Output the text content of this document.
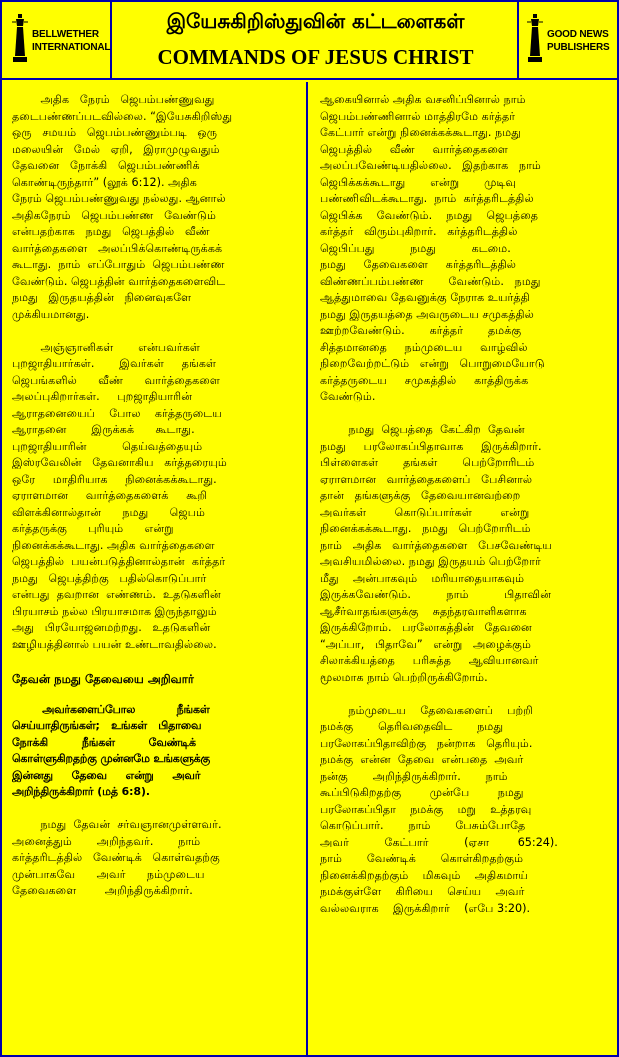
BELLWETHER
INTERNATIONAL
இயேசுகிறிஸ்துவின் கட்டளைகள்
COMMANDS OF JESUS CHRIST
GOOD NEWS
PUBLISHERS
அதிக   நேரம்   ஜெபம்பண்ணுவது
தடைபண்ணப்படவில்லை. “இயேசுகிறிஸ்து
ஒரு   சமயம்   ஜெபம்பண்ணும்படி   ஒரு
மலையின்   மேல்   ஏறி,   இராமுழுவதும்
தேவனை   நோக்கி   ஜெபம்பண்ணிக்
கொண்டிருந்தார்” (லூக் 6:12). அதிக
நேரம் ஜெபம்பண்ணுவது நல்லது. ஆனால்
அதிகநேரம்   ஜெபம்பண்ண   வேண்டும்
என்பதற்காக   நமது   ஜெபத்தில்   வீண்
வார்த்தைகளை   அலப்பிக்கொண்டிருக்கக்
கூடாது.  நாம்  எப்போதும்  ஜெபம்பண்ண
வேண்டும். ஜெபத்தின் வார்த்தைகளைவிட
நமது   இருதயத்தின்   நினைவுகளே
முக்கியமானது.
அஞ்ஞானிகள்       என்பவர்கள்
புறஜாதியார்கள்.       இவர்கள்     தங்கள்
ஜெபங்களில்      வீண்      வார்த்தைகளை
அலப்புகிறார்கள்.     புறஜாதியாரின்
ஆராதனையைப்    போல    கர்த்தருடைய
ஆராதனை       இருக்கக்      கூடாது.
புறஜாதியாரின்          தெய்வத்தையும்
இஸ்ரவேலின்   தேவனாகிய   கர்த்தரையும்
ஒரே     மாதிரியாக     நினைக்கக்கூடாது.
ஏராளமான     வார்த்தைகளைக்     கூறி
விளக்கினால்தான்      நமது      ஜெபம்
கர்த்தருக்கு      புரியும்      என்று
நினைக்கக்கூடாது. அதிக வார்த்தைகளை
ஜெபத்தில்  பயன்படுத்தினால்தான்  கர்த்தர்
நமது   ஜெபத்திற்கு   பதில்கொடுப்பார்
என்பது  தவறான  எண்ணம்.  உதடுகளின்
பிரயாசம் நல்ல பிரயாசமாக இருந்தாலும்
அது   பிரயோஜனமற்றது.   உதடுகளின்
ஊழியத்தினால் பயன் உண்டாவதில்லை.
தேவன் நமது தேவையை அறிவார்
அவர்களைப்போல           நீங்கள்
செய்யாதிருங்கள்;   உங்கள்   பிதாவை
நோக்கி         நீங்கள்         வேண்டிக்
கொள்ளுகிறதற்கு முன்னமே உங்களுக்கு
இன்னது     தேவை     என்று     அவர்
அறிந்திருக்கிறார் (மத் 6:8).
நமது  தேவன்  சர்வஞானமுள்ளவர்.
அனைத்தும்       அறிந்தவர்.       நாம்
கர்த்தரிடத்தில்   வேண்டிக்   கொள்வதற்கு
முன்பாகவே      அவர்      நம்முடைய
தேவைகளை        அறிந்திருக்கிறார்.
ஆகையினால் அதிக வசனிப்பினால் நாம்
ஜெபம்பண்ணினால் மாத்திரமே கர்த்தர்
கேட்பார் என்று நினைக்கக்கூடாது. நமது
ஜெபத்தில்     வீண்     வார்த்தைகளை
அலப்பவேண்டியதில்லை.   இதற்காக   நாம்
ஜெபிக்கக்கூடாது       என்று       முடிவு
பண்ணிவிடக்கூடாது.  நாம்  கர்த்தரிடத்தில்
ஜெபிக்க    வேண்டும்.    நமது    ஜெபத்தை
கர்த்தர்   விரும்புகிறார்.   கர்த்தரிடத்தில்
ஜெபிப்பது          நமது          கடமை.
நமது     தேவைகளை     கர்த்தரிடத்தில்
விண்ணப்பம்பண்ண       வேண்டும்.   நமது
ஆத்துமாவை தேவனுக்கு நேராக உயர்த்தி
நமது இருதயத்தை அவருடைய சமுகத்தில்
ஊற்றவேண்டும்.       கர்த்தர்       தமக்கு
சித்தமானதை     நம்முடைய     வாழ்வில்
நிறைவேற்றட்டும்   என்று   பொறுமையோடு
கர்த்தருடைய     சமுகத்தில்     காத்திருக்க
வேண்டும்.
நமது  ஜெபத்தை  கேட்கிற  தேவன்
நமது     பரலோகப்பிதாவாக     இருக்கிறார்.
பிள்ளைகள்       தங்கள்       பெற்றோரிடம்
ஏராளமான   வார்த்தைகளைப்   பேசினால்
தான்   தங்களுக்கு   தேவையானவற்றை
அவர்கள்        கொடுப்பார்கள்        என்று
நினைக்கக்கூடாது.   நமது   பெற்றோரிடம்
நாம்   அதிக   வார்த்தைகளை   பேசவேண்டிய
அவசியமில்லை. நமது இருதயம் பெற்றோர்
மீது    அன்பாகவும்    மரியாதையாகவும்
இருக்கவேண்டும்.          நாம்          பிதாவின்
ஆசீர்வாதங்களுக்கு    சுதந்தரவாளிகளாக
இருக்கிறோம்.   பரலோகத்தின்   தேவனை
“அப்பா,   பிதாவே”   என்று   அழைக்கும்
சிலாக்கியத்தை     பரிசுத்த     ஆவியானவர்
மூலமாக நாம் பெற்றிருக்கிறோம்.
நம்முடைய    தேவைகளைப்    பற்றி
நமக்கு       தெரிவதைவிட       நமது
பரலோகப்பிதாவிற்கு   நன்றாக   தெரியும்.
நமக்கு  என்ன  தேவை  என்பதை  அவர்
நன்கு       அறிந்திருக்கிறார்.       நாம்
கூப்பிடுகிறதற்கு        முன்பே        நமது
பரலோகப்பிதா    நமக்கு    மறு    உத்தரவு
கொடுப்பார்.       நாம்       பேசும்போதே
அவர்          கேட்பார்          (ஏசா        65:24).
நாம்       வேண்டிக்       கொள்கிறதற்கும்
நினைக்கிறதற்கும்    மிகவும்    அதிகமாய்
நமக்குள்ளே    கிரியை    செய்ய    அவர்
வல்லவராக    இருக்கிறார்    (எபே 3:20).
